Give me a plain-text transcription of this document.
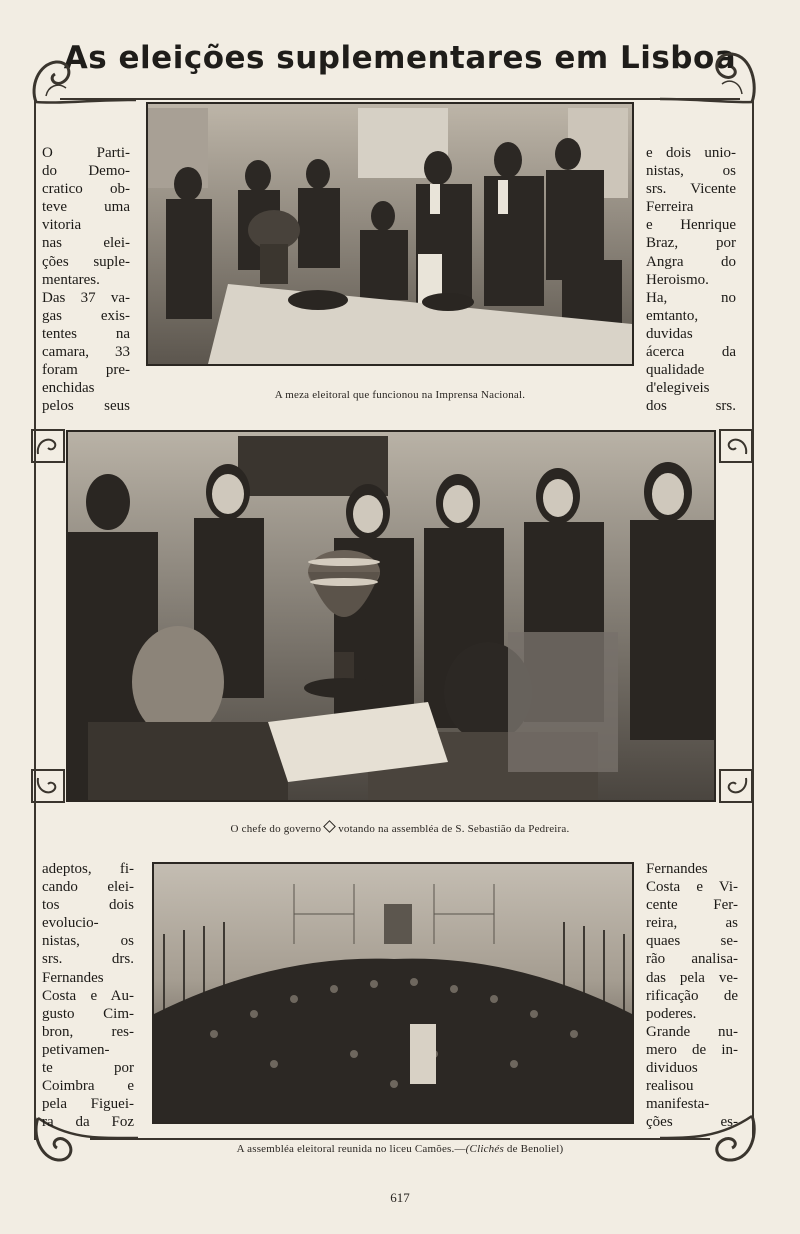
As eleições suplementares em Lisboa

O Parti-

do Demo-

cratico ob-

teve uma

vitoria

nas elei-

ções suple-

mentares.

Das 37 va-

gas exis-

tentes na

camara, 33

foram pre-

enchidas

pelos seus

e dois unio-

nistas, os

srs. Vicente

Ferreira

e Henrique

Braz, por

Angra do

Heroismo.

Ha, no

emtanto,

duvidas

ácerca da

qualidade

d'elegiveis

dos srs.

adeptos, fi-

cando elei-

tos dois

evolucio-

nistas, os

srs. drs.

Fernandes

Costa e Au-

gusto Cim-

bron, res-

petivamen-

te por

Coimbra e

pela Figuei-

ra da Foz

Fernandes

Costa e Vi-

cente Fer-

reira, as

quaes se-

rão analisa-

das pela ve-

rificação de

poderes.

Grande nu-

mero de in-

dividuos

realisou

manifesta-

ções es-

A meza eleitoral que funcionou na Imprensa Nacional.
O chefe do governo votando na assembléa de S. Sebastião da Pedreira.
A assembléa eleitoral reunida no liceu Camões.—(Clichés de Benoliel)
617
